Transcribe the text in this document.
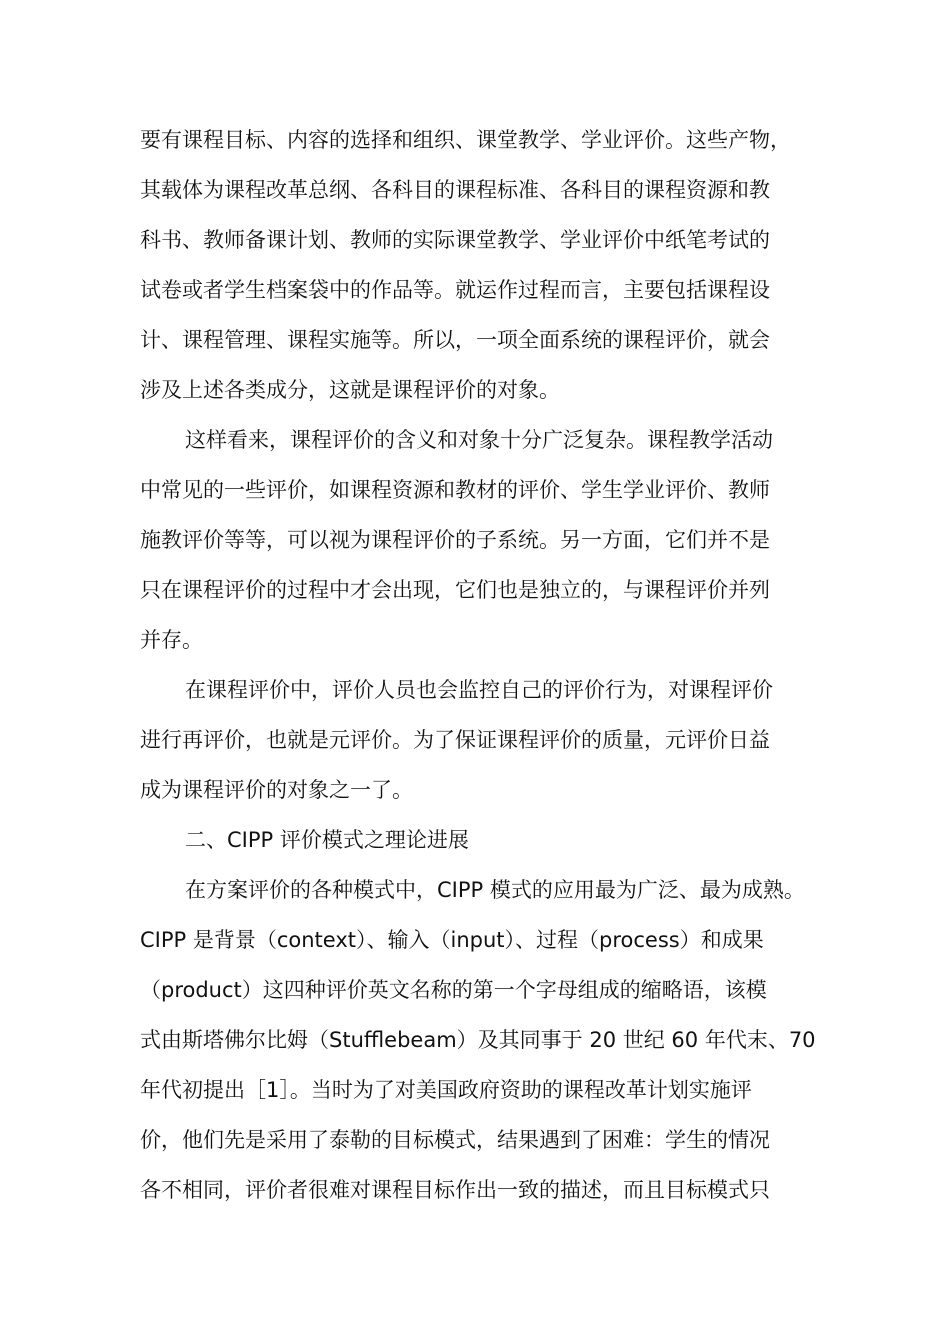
要有课程目标、内容的选择和组织、课堂教学、学业评价。这些产物，
其载体为课程改革总纲、各科目的课程标准、各科目的课程资源和教
科书、教师备课计划、教师的实际课堂教学、学业评价中纸笔考试的
试卷或者学生档案袋中的作品等。就运作过程而言，主要包括课程设
计、课程管理、课程实施等。所以，一项全面系统的课程评价，就会
涉及上述各类成分，这就是课程评价的对象。
这样看来，课程评价的含义和对象十分广泛复杂。课程教学活动
中常见的一些评价，如课程资源和教材的评价、学生学业评价、教师
施教评价等等，可以视为课程评价的子系统。另一方面，它们并不是
只在课程评价的过程中才会出现，它们也是独立的，与课程评价并列
并存。
在课程评价中，评价人员也会监控自己的评价行为，对课程评价
进行再评价，也就是元评价。为了保证课程评价的质量，元评价日益
成为课程评价的对象之一了。
二、CIPP 评价模式之理论进展
在方案评价的各种模式中，CIPP 模式的应用最为广泛、最为成熟。
CIPP 是背景（context）、输入（input）、过程（process）和成果
（product）这四种评价英文名称的第一个字母组成的缩略语，该模
式由斯塔佛尔比姆（Stufflebeam）及其同事于 20 世纪 60 年代末、70
年代初提出［1］。当时为了对美国政府资助的课程改革计划实施评
价，他们先是采用了泰勒的目标模式，结果遇到了困难：学生的情况
各不相同，评价者很难对课程目标作出一致的描述，而且目标模式只
